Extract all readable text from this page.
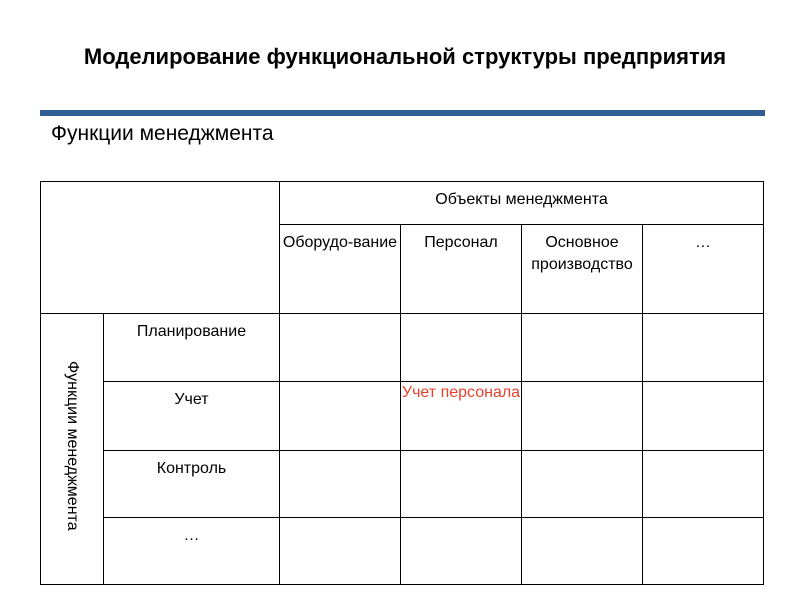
Моделирование функциональной структуры предприятия
Функции менеджмента
		Объекты менеджмента			
		Оборудо-вание	Персонал	Основное производство	…
Функции менеджмента	Планирование				
	Учет		Учет персонала		
	Контроль				
	…				
